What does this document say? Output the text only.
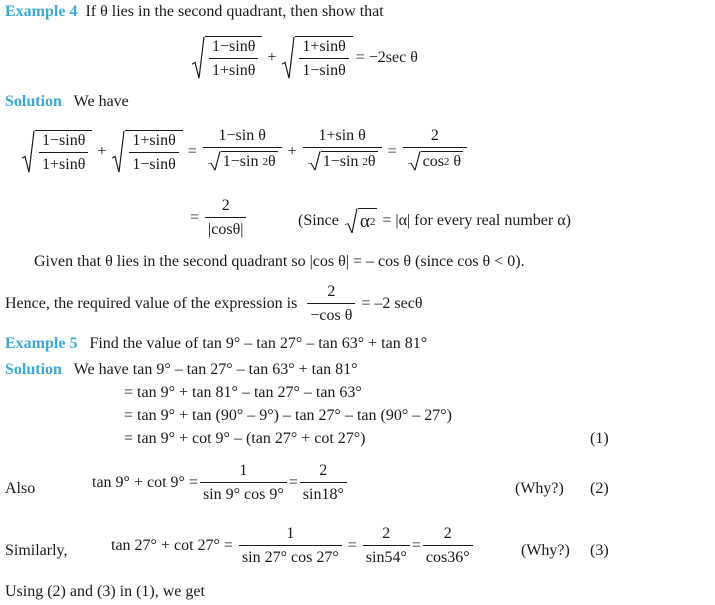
Example 4 If θ lies in the second quadrant, then show that
$\frac{1-\sin\theta}{1+\sin\theta} + \frac{1+\sin\theta}{1-\sin\theta} = -2\sec$ θ
Solution We have
$\frac{1-\sin\theta}{1+\sin\theta} + \frac{1+\sin\theta}{1-\sin\theta} = 1-\sin$ θ
1−sin
2 θ + 1+sin θ
1−sin
2 θ = 2
cos 2
θ
= $\frac{2}{|\cos\theta|}$	(Since
α 2
= |α| for every real number α)
Given that θ lies in the second quadrant so |cos θ| = – cos θ (since cos θ < 0).
Hence, the required value of the expression is
$\frac{2}{\text{−cos θ}}$
= –2 secθ
Example 5 Find the value of tan 9° – tan 27° – tan 63° + tan 81°
Solution We have tan 9° – tan 27° – tan 63° + tan 81°
= tan 9° + tan 81° – tan 27° – tan 63°
= tan 9° + tan (90° – 9°) – tan 27° – tan (90° – 27°)
= tan 9° + cot 9° – (tan 27° + cot 27°)	(1)
Also	$\tan 9^\circ + \cot 9^\circ = \frac{1}{\sin 9^\circ \cos 9^\circ} = \frac{2}{\sin 18^\circ}$	(Why?) (2)
Similarly,	$\tan 27^\circ + \cot 27^\circ = \frac{1}{\sin 27^\circ \cos 27^\circ} = \frac{2}{\sin 54^\circ} = \frac{2}{\cos 36^\circ}$	(Why?) (3)
Using (2) and (3) in (1), we get
